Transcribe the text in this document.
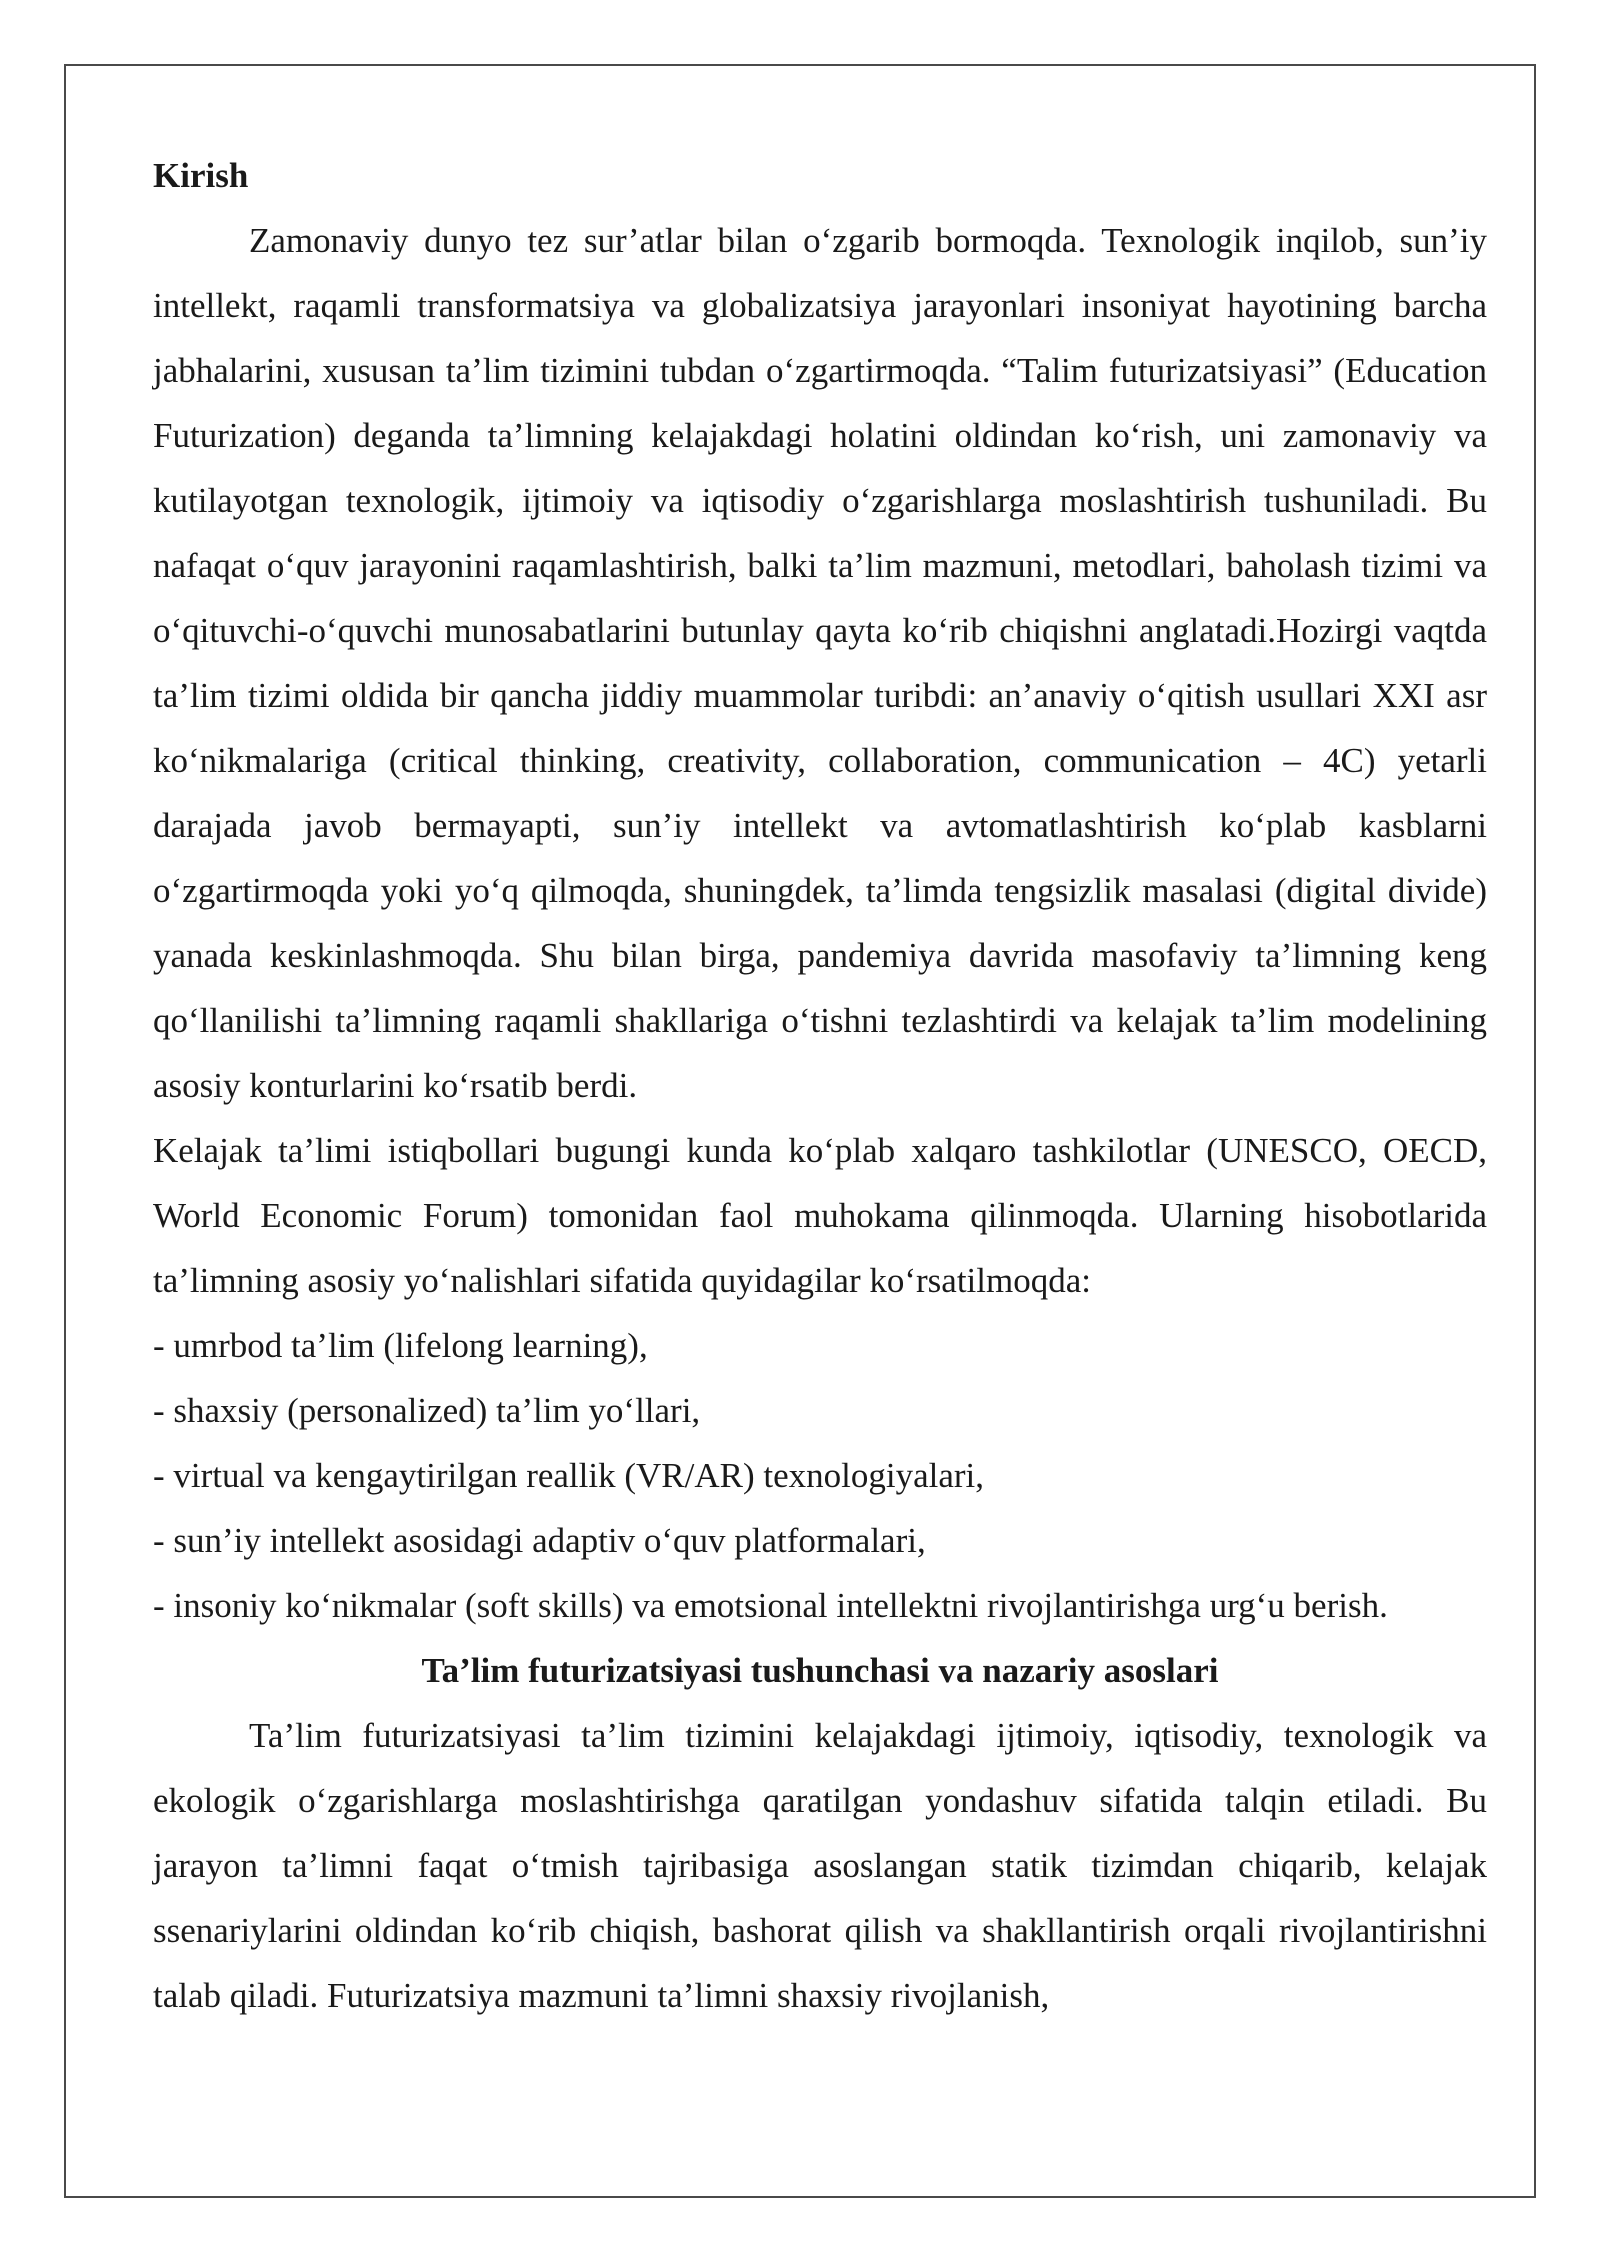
Kirish

Zamonaviy dunyo tez sur’atlar bilan o‘zgarib bormoqda. Texnologik inqilob, sun’iy intellekt, raqamli transformatsiya va globalizatsiya jarayonlari insoniyat hayotining barcha jabhalarini, xususan ta’lim tizimini tubdan o‘zgartirmoqda. “Talim futurizatsiyasi” (Education Futurization) deganda ta’limning kelajakdagi holatini oldindan ko‘rish, uni zamonaviy va kutilayotgan texnologik, ijtimoiy va iqtisodiy o‘zgarishlarga moslashtirish tushuniladi. Bu nafaqat o‘quv jarayonini raqamlashtirish, balki ta’lim mazmuni, metodlari, baholash tizimi va o‘qituvchi-o‘quvchi munosabatlarini butunlay qayta ko‘rib chiqishni anglatadi.Hozirgi vaqtda ta’lim tizimi oldida bir qancha jiddiy muammolar turibdi: an’anaviy o‘qitish usullari XXI asr ko‘nikmalariga (critical thinking, creativity, collaboration, communication – 4C) yetarli darajada javob bermayapti, sun’iy intellekt va avtomatlashtirish ko‘plab kasblarni o‘zgartirmoqda yoki yo‘q qilmoqda, shuningdek, ta’limda tengsizlik masalasi (digital divide) yanada keskinlashmoqda. Shu bilan birga, pandemiya davrida masofaviy ta’limning keng qo‘llanilishi ta’limning raqamli shakllariga o‘tishni tezlashtirdi va kelajak ta’lim modelining asosiy konturlarini ko‘rsatib berdi.

Kelajak ta’limi istiqbollari bugungi kunda ko‘plab xalqaro tashkilotlar (UNESCO, OECD, World Economic Forum) tomonidan faol muhokama qilinmoqda. Ularning hisobotlarida ta’limning asosiy yo‘nalishlari sifatida quyidagilar ko‘rsatilmoqda:

- umrbod ta’lim (lifelong learning),
- shaxsiy (personalized) ta’lim yo‘llari,
- virtual va kengaytirilgan reallik (VR/AR) texnologiyalari,
- sun’iy intellekt asosidagi adaptiv o‘quv platformalari,
- insoniy ko‘nikmalar (soft skills) va emotsional intellektni rivojlantirishga urg‘u berish.

Ta’lim futurizatsiyasi tushunchasi va nazariy asoslari

Ta’lim futurizatsiyasi ta’lim tizimini kelajakdagi ijtimoiy, iqtisodiy, texnologik va ekologik o‘zgarishlarga moslashtirishga qaratilgan yondashuv sifatida talqin etiladi. Bu jarayon ta’limni faqat o‘tmish tajribasiga asoslangan statik tizimdan chiqarib, kelajak ssenariylarini oldindan ko‘rib chiqish, bashorat qilish va shakllantirish orqali rivojlantirishni talab qiladi. Futurizatsiya mazmuni ta’limni shaxsiy rivojlanish,
